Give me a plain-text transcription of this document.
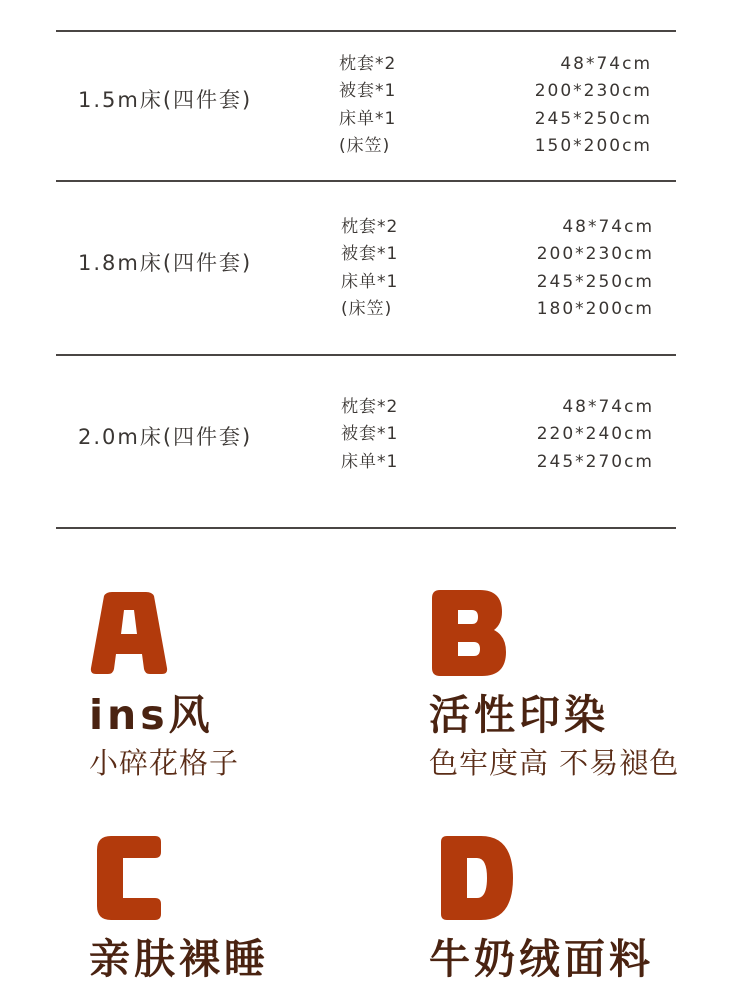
1.5m床(四件套)
枕套*2	48*74cm
被套*1	200*230cm
床单*1	245*250cm
(床笠)	150*200cm
1.8m床(四件套)
枕套*2	48*74cm
被套*1	200*230cm
床单*1	245*250cm
(床笠)	180*200cm
2.0m床(四件套)
枕套*2	48*74cm
被套*1	220*240cm
床单*1	245*270cm
ins风
小碎花格子
活性印染
色牢度高 不易褪色
亲肤裸睡	牛奶绒面料
